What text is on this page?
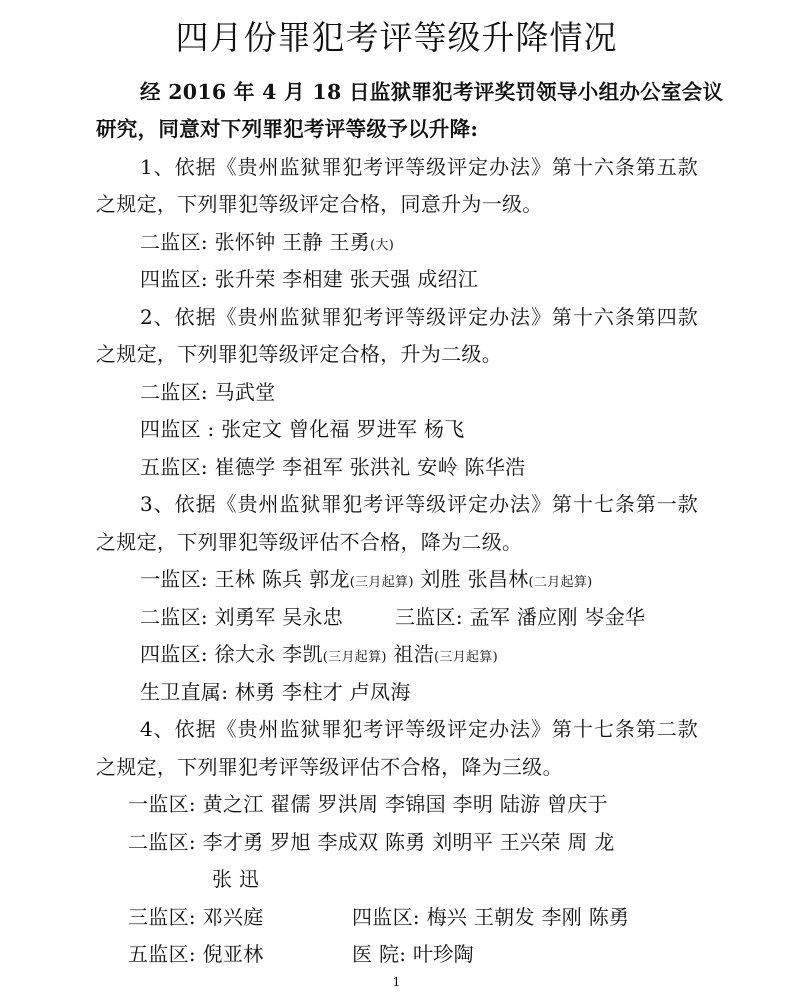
四月份罪犯考评等级升降情况
经 2016 年 4 月 18 日监狱罪犯考评奖罚领导小组办公室会议
研究，同意对下列罪犯考评等级予以升降:
1、依据《贵州监狱罪犯考评等级评定办法》第十六条第五款
之规定，下列罪犯等级评定合格，同意升为一级。
二监区: 张怀钟 王静 王勇(大)
四监区: 张升荣 李相建 张天强 成绍江
2、依据《贵州监狱罪犯考评等级评定办法》第十六条第四款
之规定，下列罪犯等级评定合格，升为二级。
二监区: 马武堂
四监区 : 张定文 曾化福 罗进军 杨飞
五监区: 崔德学 李祖军 张洪礼 安岭 陈华浩
3、依据《贵州监狱罪犯考评等级评定办法》第十七条第一款
之规定，下列罪犯等级评估不合格，降为二级。
一监区: 王林 陈兵 郭龙(三月起算) 刘胜 张昌林(二月起算)
二监区: 刘勇军 吴永忠	三监区: 孟军 潘应刚 岑金华
四监区: 徐大永 李凯(三月起算) 祖浩(三月起算)
生卫直属: 林勇 李柱才 卢凤海
4、依据《贵州监狱罪犯考评等级评定办法》第十七条第二款
之规定，下列罪犯考评等级评估不合格，降为三级。
一监区: 黄之江 翟儒 罗洪周 李锦国 李明 陆游 曾庆于
二监区: 李才勇 罗旭 李成双 陈勇 刘明平 王兴荣 周 龙
张 迅
三监区: 邓兴庭	四监区: 梅兴 王朝发 李刚 陈勇
五监区: 倪亚林	医 院: 叶珍陶
1
